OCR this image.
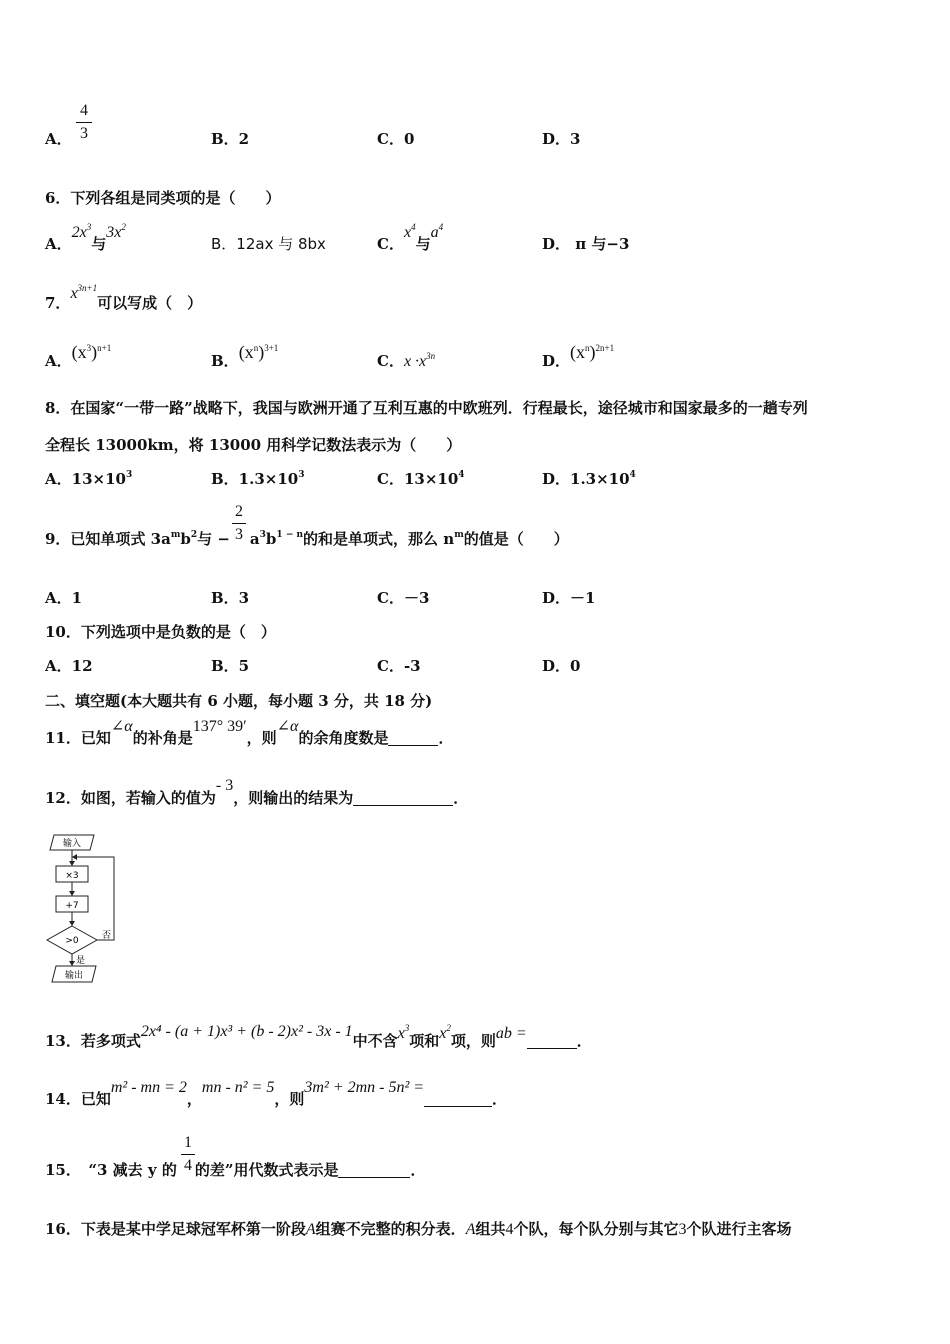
A．
4
3	B．2	C．0	D．3
6．下列各组是同类项的是（　　）
A．$2x^3$与$3x^2$
B．12ax 与 8bx	C．$x^4$与$a^4$
D． π 与−3
7．$x^{3n+1}$可以写成（　）
A．$(x^3)^{n+1}$
B．$(x^n)^{3+1}$
C．$x \cdot x^{3n}$	D．$(x^n)^{2n+1}$
8．在国家“一带一路”战略下，我国与欧洲开通了互利互惠的中欧班列．行程最长，途径城市和国家最多的一趟专列
全程长 13000km，将 13000 用科学记数法表示为（　　）
A．$13\times 10^3$	B．$1.3\times 10^3$	C．$13\times 10^4$	D．$1.3\times 10^4$
9．已知单项式 $3a^mb^2$与 − $a^3b^{1 - n}$的和是单项式，那么 $n^m$的值是（　　）
2
3
A．1	B．3	C．－3	D．－1
10．下列选项中是负数的是（　）
A．12	B．5	C．-3	D．0
二、填空题(本大题共有 6 小题，每小题 3 分，共 18 分)
11．已知∠α的补角是137° 39′，则∠α的余角度数是	．
12．如图，若输入的值为- 3，则输出的结果为	．
输入
×3
+7
>0	否
是
输出
13．若多项式2x⁴ - (a + 1)x³ + (b - 2)x² - 3x - 1中不含$x^3$项和$x^2$项，则ab =	．
14．已知m² - mn = 2，mn - n² = 5，则3m² + 2mn - 5n² =．
15．　“3 减去 y 的 的差”用代数式表示是	．
1
4
16．下表是某中学足球冠军杯第一阶段A组赛不完整的积分表．A组共4个队，每个队分别与其它3个队进行主客场
